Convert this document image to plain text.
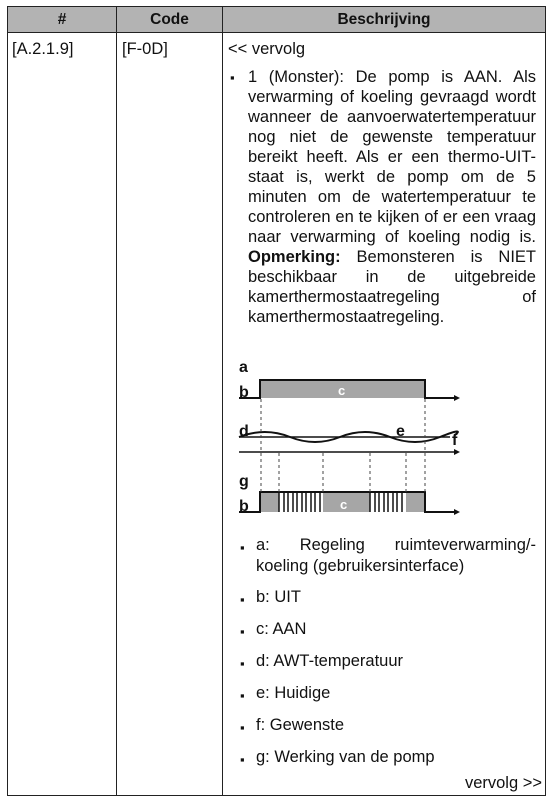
#	Code	Beschrijving
[A.2.1.9]	[F-0D]	<< vervolg
▪ 1 (Monster): De pomp is AAN. Als verwarming of koeling gevraagd wordt wanneer de aanvoerwatertemperatuur nog niet de gewenste temperatuur bereikt heeft. Als er een thermo-UIT-staat is, werkt de pomp om de 5 minuten om de watertemperatuur te controleren en te kijken of er een vraag naar verwarming of koeling nodig is. Opmerking: Bemonsteren is NIET beschikbaar in de uitgebreide kamerthermostaatregeling of kamerthermostaatregeling.
a
b
d	e
f
g
b
c
c
▪ a: Regeling ruimteverwarming/-koeling (gebruikersinterface)
▪ b: UIT
▪ c: AAN
▪ d: AWT-temperatuur
▪ e: Huidige
▪ f: Gewenste
▪ g: Werking van de pomp
vervolg >>
